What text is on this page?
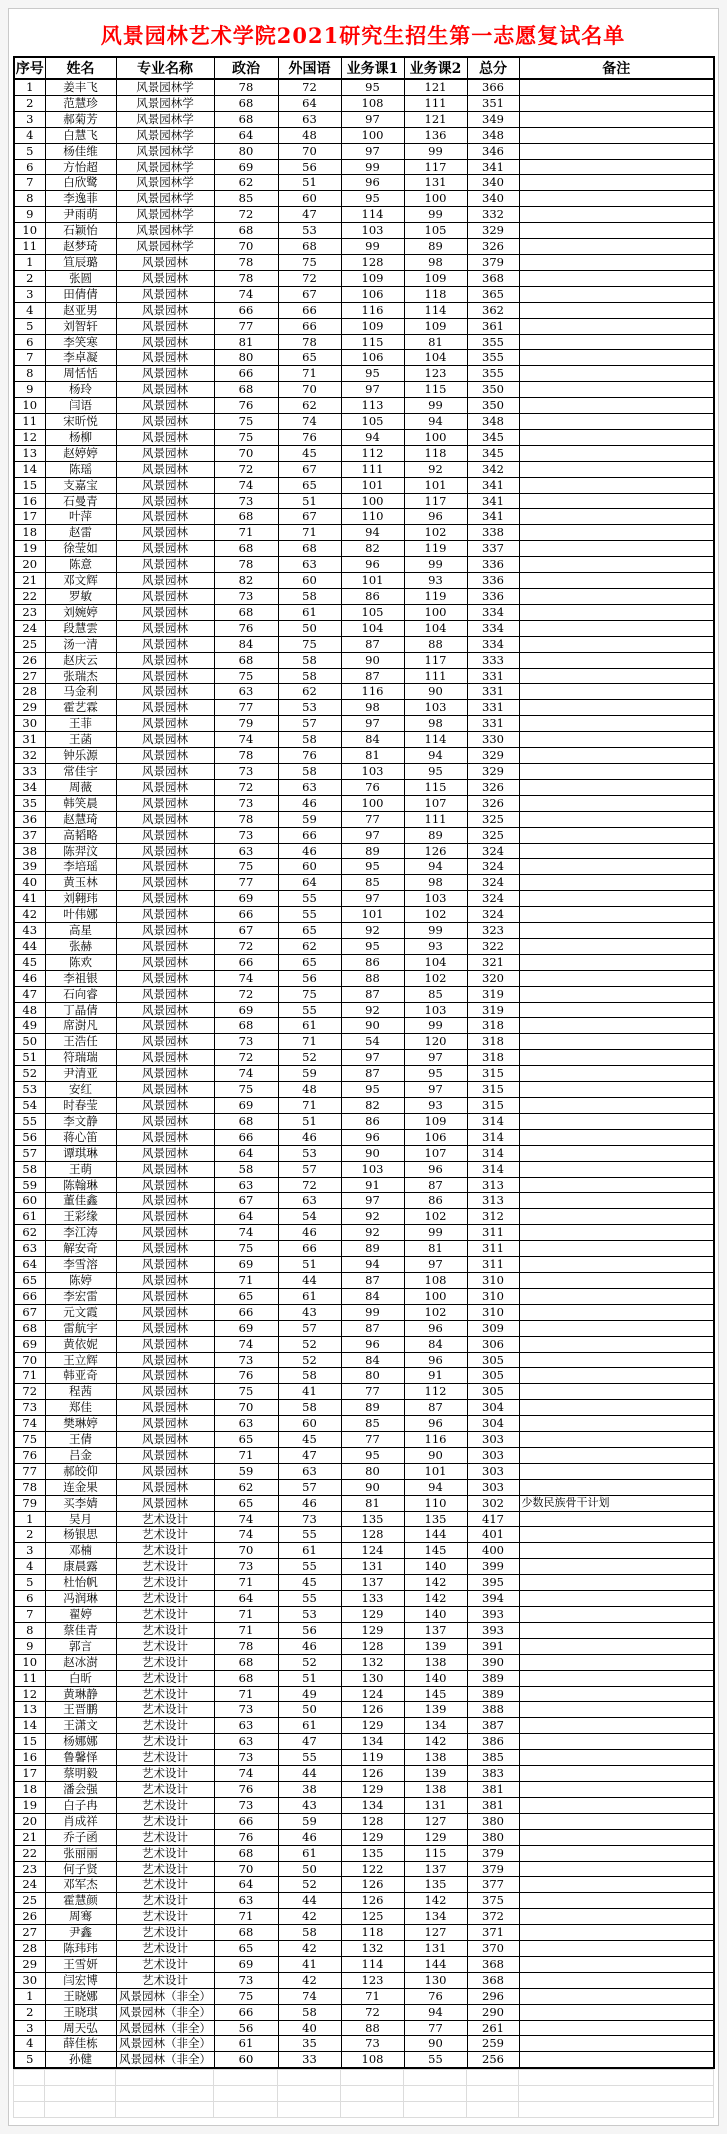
风景园林艺术学院2021研究生招生第一志愿复试名单
序号	姓名	专业名称	政治	外国语	业务课1	业务课2	总分	备注
1	姜丰飞	风景园林学	78	72	95	121	366	
2	范慧珍	风景园林学	68	64	108	111	351	
3	郝菊芳	风景园林学	68	63	97	121	349	
4	白慧飞	风景园林学	64	48	100	136	348	
5	杨佳维	风景园林学	80	70	97	99	346	
6	方怡超	风景园林学	69	56	99	117	341	
7	白欣鹭	风景园林学	62	51	96	131	340	
8	李逸菲	风景园林学	85	60	95	100	340	
9	尹雨萌	风景园林学	72	47	114	99	332	
10	石颖怡	风景园林学	68	53	103	105	329	
11	赵梦琦	风景园林学	70	68	99	89	326	
1	笪辰璐	风景园林	78	75	128	98	379	
2	张圆	风景园林	78	72	109	109	368	
3	田倩倩	风景园林	74	67	106	118	365	
4	赵亚男	风景园林	66	66	116	114	362	
5	刘智轩	风景园林	77	66	109	109	361	
6	李笑寒	风景园林	81	78	115	81	355	
7	李卓凝	风景园林	80	65	106	104	355	
8	周恬恬	风景园林	66	71	95	123	355	
9	杨玲	风景园林	68	70	97	115	350	
10	闫语	风景园林	76	62	113	99	350	
11	宋昕悦	风景园林	75	74	105	94	348	
12	杨柳	风景园林	75	76	94	100	345	
13	赵婷婷	风景园林	70	45	112	118	345	
14	陈瑶	风景园林	72	67	111	92	342	
15	支嘉宝	风景园林	74	65	101	101	341	
16	石曼青	风景园林	73	51	100	117	341	
17	叶萍	风景园林	68	67	110	96	341	
18	赵雷	风景园林	71	71	94	102	338	
19	徐莹如	风景园林	68	68	82	119	337	
20	陈意	风景园林	78	63	96	99	336	
21	邓文辉	风景园林	82	60	101	93	336	
22	罗敏	风景园林	73	58	86	119	336	
23	刘婉婷	风景园林	68	61	105	100	334	
24	段慧雲	风景园林	76	50	104	104	334	
25	汤一清	风景园林	84	75	87	88	334	
26	赵庆云	风景园林	68	58	90	117	333	
27	张瑞杰	风景园林	75	58	87	111	331	
28	马金利	风景园林	63	62	116	90	331	
29	霍艺霖	风景园林	77	53	98	103	331	
30	王菲	风景园林	79	57	97	98	331	
31	王菡	风景园林	74	58	84	114	330	
32	钟乐源	风景园林	78	76	81	94	329	
33	常佳宇	风景园林	73	58	103	95	329	
34	周薇	风景园林	72	63	76	115	326	
35	韩笑晨	风景园林	73	46	100	107	326	
36	赵慧琦	风景园林	78	59	77	111	325	
37	高韬略	风景园林	73	66	97	89	325	
38	陈羿汶	风景园林	63	46	89	126	324	
39	李培瑶	风景园林	75	60	95	94	324	
40	黄玉林	风景园林	77	64	85	98	324	
41	刘翱玮	风景园林	69	55	97	103	324	
42	叶伟娜	风景园林	66	55	101	102	324	
43	高星	风景园林	67	65	92	99	323	
44	张赫	风景园林	72	62	95	93	322	
45	陈欢	风景园林	66	65	86	104	321	
46	李祖银	风景园林	74	56	88	102	320	
47	石向睿	风景园林	72	75	87	85	319	
48	丁晶倩	风景园林	69	55	92	103	319	
49	席澍凡	风景园林	68	61	90	99	318	
50	王浩任	风景园林	73	71	54	120	318	
51	符瑞瑞	风景园林	72	52	97	97	318	
52	尹清亚	风景园林	74	59	87	95	315	
53	安红	风景园林	75	48	95	97	315	
54	时春莹	风景园林	69	71	82	93	315	
55	李文静	风景园林	68	51	86	109	314	
56	蒋心笛	风景园林	66	46	96	106	314	
57	谭琪琳	风景园林	64	53	90	107	314	
58	王萌	风景园林	58	57	103	96	314	
59	陈翰琳	风景园林	63	72	91	87	313	
60	董佳鑫	风景园林	67	63	97	86	313	
61	王彩缘	风景园林	64	54	92	102	312	
62	李江涛	风景园林	74	46	92	99	311	
63	解安奇	风景园林	75	66	89	81	311	
64	李雪溶	风景园林	69	51	94	97	311	
65	陈婷	风景园林	71	44	87	108	310	
66	李宏雷	风景园林	65	61	84	100	310	
67	元文霞	风景园林	66	43	99	102	310	
68	雷航宇	风景园林	69	57	87	96	309	
69	黄依妮	风景园林	74	52	96	84	306	
70	王立辉	风景园林	73	52	84	96	305	
71	韩亚奇	风景园林	76	58	80	91	305	
72	程茜	风景园林	75	41	77	112	305	
73	郑佳	风景园林	70	58	89	87	304	
74	樊琳婷	风景园林	63	60	85	96	304	
75	王倩	风景园林	65	45	77	116	303	
76	吕金	风景园林	71	47	95	90	303	
77	郝皎仰	风景园林	59	63	80	101	303	
78	连金果	风景园林	62	57	90	94	303	
79	买李婧	风景园林	65	46	81	110	302	少数民族骨干计划
1	吴月	艺术设计	74	73	135	135	417	
2	杨银思	艺术设计	74	55	128	144	401	
3	邓楠	艺术设计	70	61	124	145	400	
4	康晨露	艺术设计	73	55	131	140	399	
5	杜怡帆	艺术设计	71	45	137	142	395	
6	冯润琳	艺术设计	64	55	133	142	394	
7	翟婷	艺术设计	71	53	129	140	393	
8	蔡佳青	艺术设计	71	56	129	137	393	
9	郭言	艺术设计	78	46	128	139	391	
10	赵冰澍	艺术设计	68	52	132	138	390	
11	白昕	艺术设计	68	51	130	140	389	
12	黄琳静	艺术设计	71	49	124	145	389	
13	王晋鹏	艺术设计	73	50	126	139	388	
14	王潇文	艺术设计	63	61	129	134	387	
15	杨娜娜	艺术设计	63	47	134	142	386	
16	鲁馨怿	艺术设计	73	55	119	138	385	
17	蔡明毅	艺术设计	74	44	126	139	383	
18	潘会强	艺术设计	76	38	129	138	381	
19	白子冉	艺术设计	73	43	134	131	381	
20	肖成祥	艺术设计	66	59	128	127	380	
21	乔子函	艺术设计	76	46	129	129	380	
22	张丽丽	艺术设计	68	61	135	115	379	
23	何子贤	艺术设计	70	50	122	137	379	
24	邓军杰	艺术设计	64	52	126	135	377	
25	霍慧颜	艺术设计	63	44	126	142	375	
26	周骞	艺术设计	71	42	125	134	372	
27	尹鑫	艺术设计	68	58	118	127	371	
28	陈玮玮	艺术设计	65	42	132	131	370	
29	王雪妍	艺术设计	69	41	114	144	368	
30	闫宏博	艺术设计	73	42	123	130	368	
1	王晓娜	风景园林（非全）	75	74	71	76	296	
2	王晓琪	风景园林（非全）	66	58	72	94	290	
3	周天弘	风景园林（非全）	56	40	88	77	261	
4	薛佳栋	风景园林（非全）	61	35	73	90	259	
5	孙健	风景园林（非全）	60	33	108	55	256	
